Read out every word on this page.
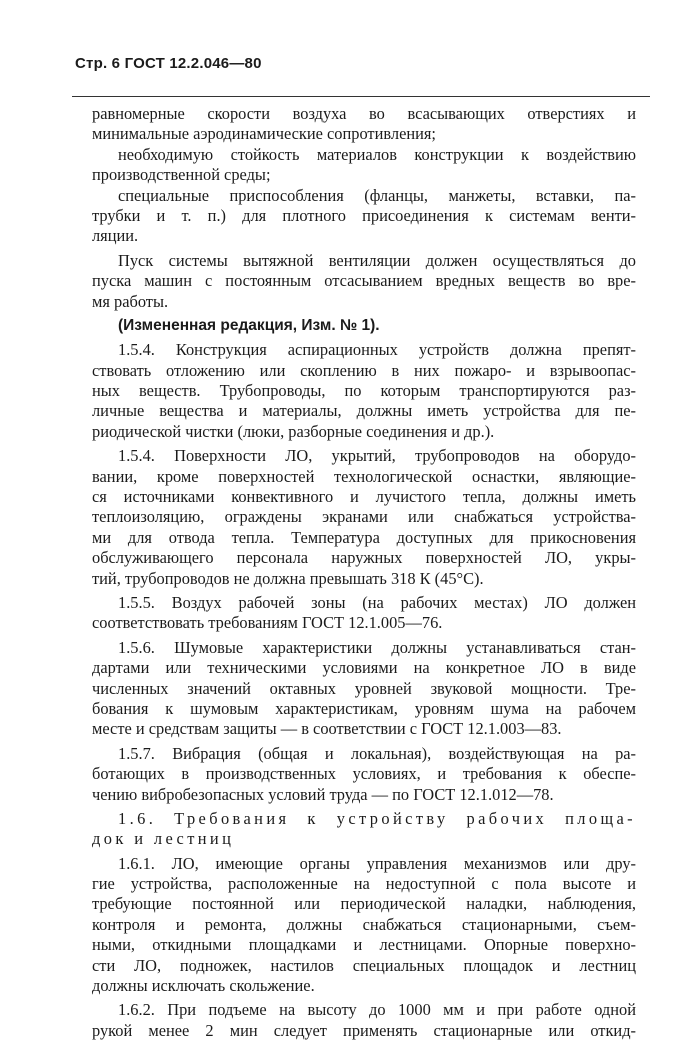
Стр. 6 ГОСТ 12.2.046—80
равномерные скорости воздуха во всасывающих отверстиях и
минимальные аэродинамические сопротивления;
необходимую стойкость материалов конструкции к воздействию
производственной среды;
специальные приспособления (фланцы, манжеты, вставки, па-
трубки и т. п.) для плотного присоединения к системам венти-
ляции.
Пуск системы вытяжной вентиляции должен осуществляться до
пуска машин с постоянным отсасыванием вредных веществ во вре-
мя работы.
(Измененная редакция, Изм. № 1).
1.5.4. Конструкция аспирационных устройств должна препят-
ствовать отложению или скоплению в них пожаро- и взрывоопас-
ных веществ. Трубопроводы, по которым транспортируются раз-
личные вещества и материалы, должны иметь устройства для пе-
риодической чистки (люки, разборные соединения и др.).
1.5.4. Поверхности ЛО, укрытий, трубопроводов на оборудо-
вании, кроме поверхностей технологической оснастки, являющие-
ся источниками конвективного и лучистого тепла, должны иметь
теплоизоляцию, ограждены экранами или снабжаться устройства-
ми для отвода тепла. Температура доступных для прикосновения
обслуживающего персонала наружных поверхностей ЛО, укры-
тий, трубопроводов не должна превышать 318 К (45°С).
1.5.5. Воздух рабочей зоны (на рабочих местах) ЛО должен
соответствовать требованиям ГОСТ 12.1.005—76.
1.5.6. Шумовые характеристики должны устанавливаться стан-
дартами или техническими условиями на конкретное ЛО в виде
численных значений октавных уровней звуковой мощности. Тре-
бования к шумовым характеристикам, уровням шума на рабочем
месте и средствам защиты — в соответствии с ГОСТ 12.1.003—83.
1.5.7. Вибрация (общая и локальная), воздействующая на ра-
ботающих в производственных условиях, и требования к обеспе-
чению вибробезопасных условий труда — по ГОСТ 12.1.012—78.
1.6. Требования к устройству рабочих площа-
док и лестниц
1.6.1. ЛО, имеющие органы управления механизмов или дру-
гие устройства, расположенные на недоступной с пола высоте и
требующие постоянной или периодической наладки, наблюдения,
контроля и ремонта, должны снабжаться стационарными, съем-
ными, откидными площадками и лестницами. Опорные поверхно-
сти ЛО, подножек, настилов специальных площадок и лестниц
должны исключать скольжение.
1.6.2. При подъеме на высоту до 1000 мм и при работе одной
рукой менее 2 мин следует применять стационарные или откид-
